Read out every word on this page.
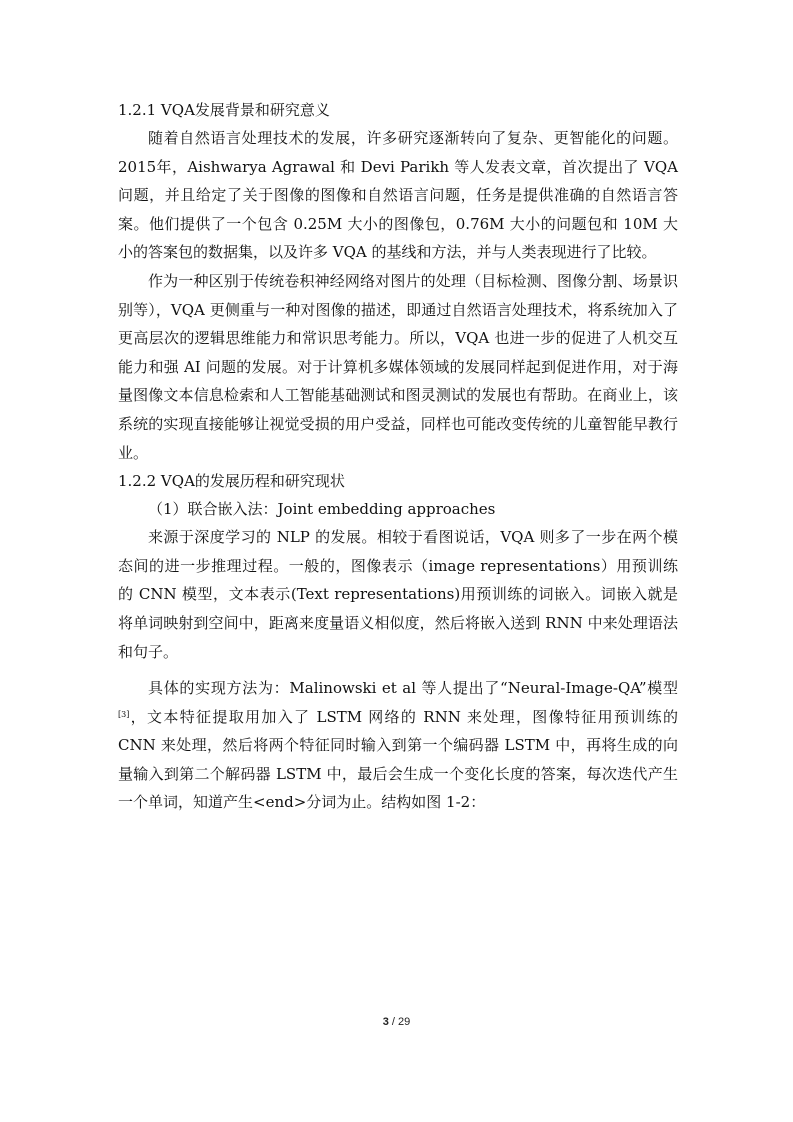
1.2.1 VQA发展背景和研究意义

随着自然语言处理技术的发展，许多研究逐渐转向了复杂、更智能化的问题。2015年，Aishwarya Agrawal 和 Devi Parikh 等人发表文章，首次提出了 VQA 问题，并且给定了关于图像的图像和自然语言问题，任务是提供准确的自然语言答案。他们提供了一个包含 0.25M 大小的图像包，0.76M 大小的问题包和 10M 大小的答案包的数据集，以及许多 VQA 的基线和方法，并与人类表现进行了比较。

作为一种区别于传统卷积神经网络对图片的处理（目标检测、图像分割、场景识别等），VQA 更侧重与一种对图像的描述，即通过自然语言处理技术，将系统加入了更高层次的逻辑思维能力和常识思考能力。所以，VQA 也进一步的促进了人机交互能力和强 AI 问题的发展。对于计算机多媒体领域的发展同样起到促进作用，对于海量图像文本信息检索和人工智能基础测试和图灵测试的发展也有帮助。在商业上，该系统的实现直接能够让视觉受损的用户受益，同样也可能改变传统的儿童智能早教行业。

1.2.2 VQA的发展历程和研究现状
（1）联合嵌入法：Joint embedding approaches

来源于深度学习的 NLP 的发展。相较于看图说话，VQA 则多了一步在两个模态间的进一步推理过程。一般的，图像表示（image representations）用预训练的 CNN 模型，文本表示(Text representations)用预训练的词嵌入。词嵌入就是将单词映射到空间中，距离来度量语义相似度，然后将嵌入送到 RNN 中来处理语法和句子。

具体的实现方法为：Malinowski et al 等人提出了“Neural-Image-QA”模型[3]，文本特征提取用加入了 LSTM 网络的 RNN 来处理，图像特征用预训练的 CNN 来处理，然后将两个特征同时输入到第一个编码器 LSTM 中，再将生成的向量输入到第二个解码器 LSTM 中，最后会生成一个变化长度的答案，每次迭代产生一个单词，知道产生<end>分词为止。结构如图 1-2：

3 / 29
